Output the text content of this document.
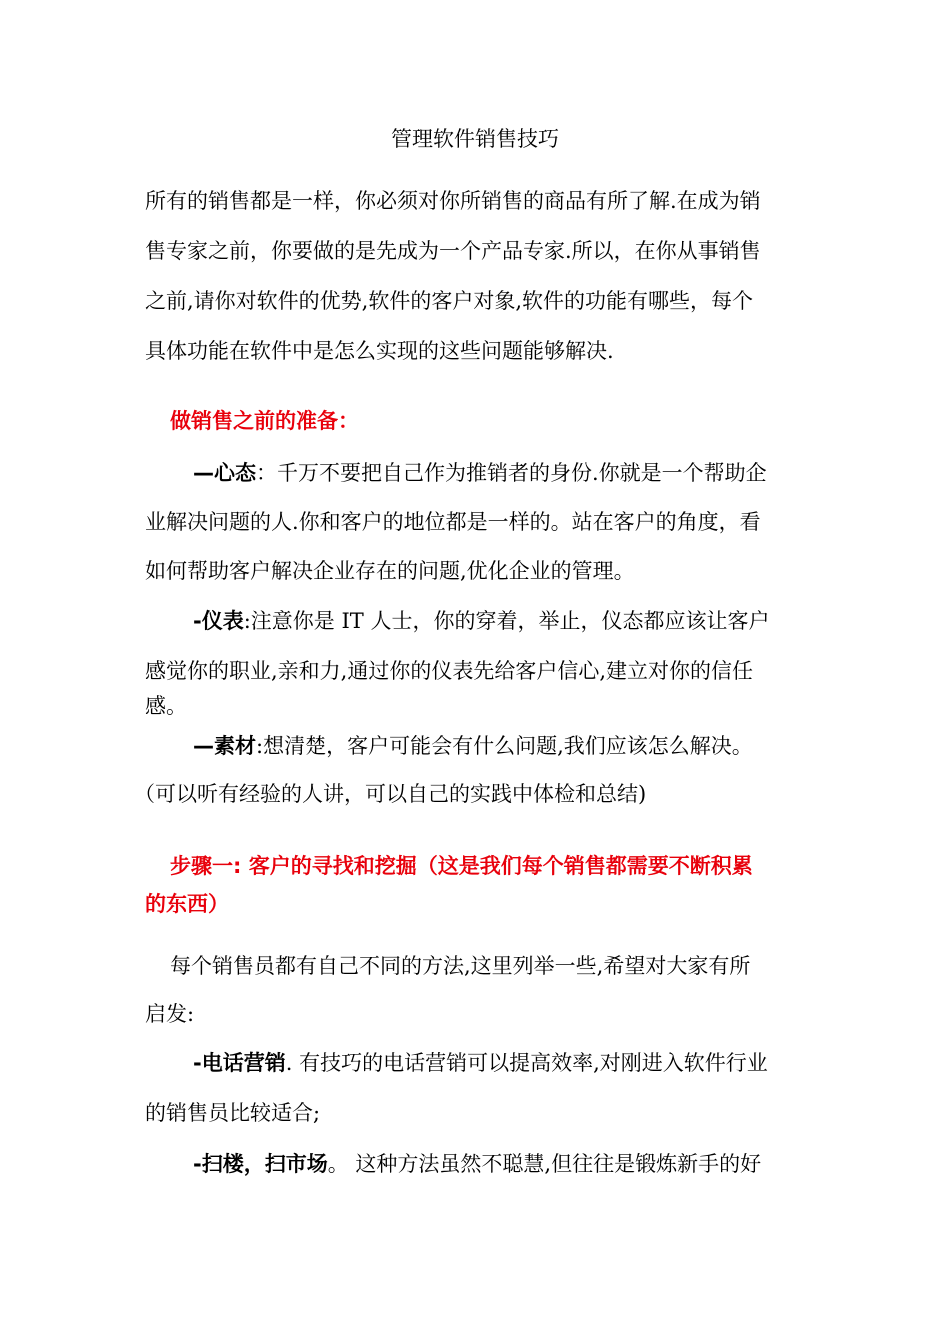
管理软件销售技巧
所有的销售都是一样，你必须对你所销售的商品有所了解.在成为销
售专家之前，你要做的是先成为一个产品专家.所以，在你从事销售
之前,请你对软件的优势,软件的客户对象,软件的功能有哪些，每个
具体功能在软件中是怎么实现的这些问题能够解决.
做销售之前的准备：
—心态：千万不要把自己作为推销者的身份.你就是一个帮助企
业解决问题的人.你和客户的地位都是一样的。站在客户的角度，看
如何帮助客户解决企业存在的问题,优化企业的管理。
-仪表:注意你是 IT 人士，你的穿着，举止，仪态都应该让客户
感觉你的职业,亲和力,通过你的仪表先给客户信心,建立对你的信任
感。
—素材:想清楚，客户可能会有什么问题,我们应该怎么解决。
（可以听有经验的人讲，可以自己的实践中体检和总结)
步骤一: 客户的寻找和挖掘（这是我们每个销售都需要不断积累
的东西）
每个销售员都有自己不同的方法,这里列举一些,希望对大家有所
启发:
-电话营销. 有技巧的电话营销可以提高效率,对刚进入软件行业
的销售员比较适合;
-扫楼，扫市场。 这种方法虽然不聪慧,但往往是锻炼新手的好
